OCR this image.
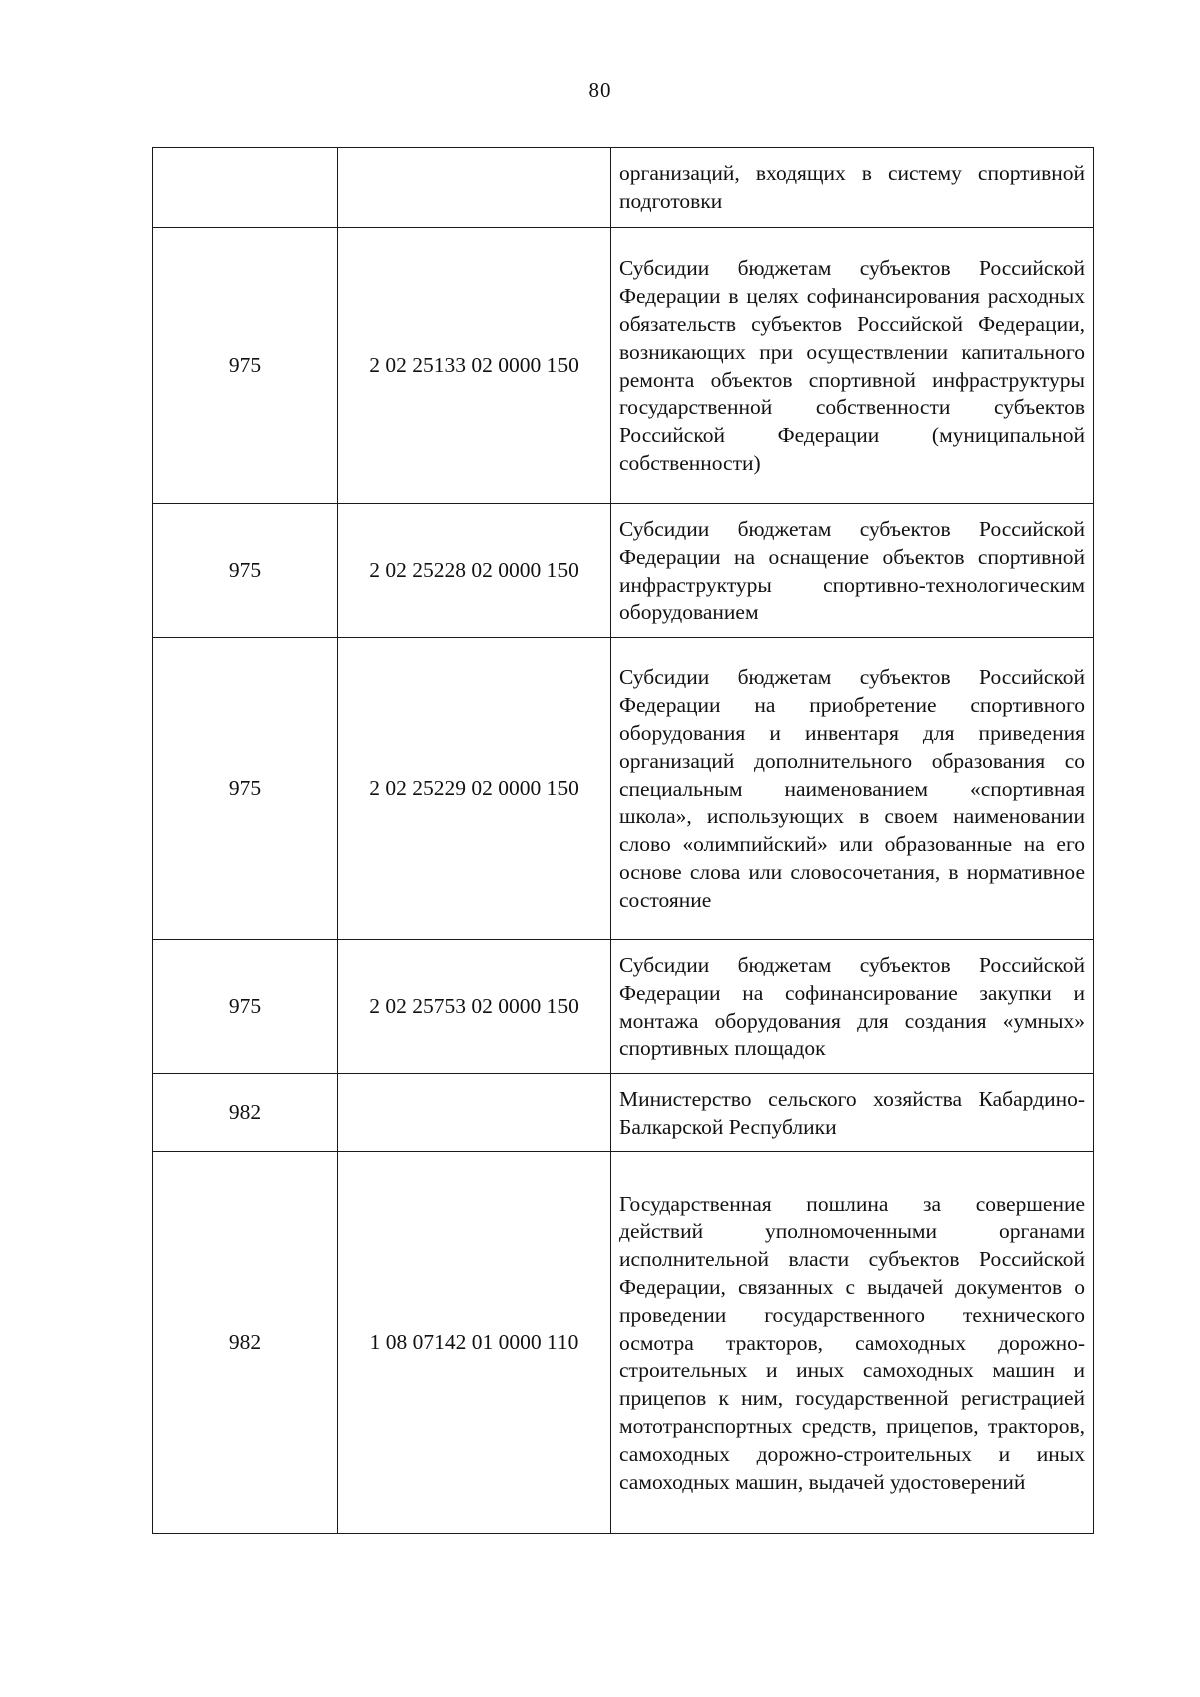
80
		организаций, входящих в систему спортивной подготовки
975	2 02 25133 02 0000 150	Субсидии бюджетам субъектов Российской Федерации в целях софинансирования расходных обязательств субъектов Российской Федерации, возникающих при осуществлении капитального ремонта объектов спортивной инфраструктуры государственной собственности субъектов Российской Федерации (муниципальной собственности)
975	2 02 25228 02 0000 150	Субсидии бюджетам субъектов Российской Федерации на оснащение объектов спортивной инфраструктуры спортивно-технологическим оборудованием
975	2 02 25229 02 0000 150	Субсидии бюджетам субъектов Российской Федерации на приобретение спортивного оборудования и инвентаря для приведения организаций дополнительного образования со специальным наименованием «спортивная школа», использующих в своем наименовании слово «олимпийский» или образованные на его основе слова или словосочетания, в нормативное состояние
975	2 02 25753 02 0000 150	Субсидии бюджетам субъектов Российской Федерации на софинансирование закупки и монтажа оборудования для создания «умных» спортивных площадок
982		Министерство сельского хозяйства Кабардино-Балкарской Республики
982	1 08 07142 01 0000 110	Государственная пошлина за совершение действий уполномоченными органами исполнительной власти субъектов Российской Федерации, связанных с выдачей документов о проведении государственного технического осмотра тракторов, самоходных дорожно-строительных и иных самоходных машин и прицепов к ним, государственной регистрацией мототранспортных средств, прицепов, тракторов, самоходных дорожно-строительных и иных самоходных машин, выдачей удостоверений
